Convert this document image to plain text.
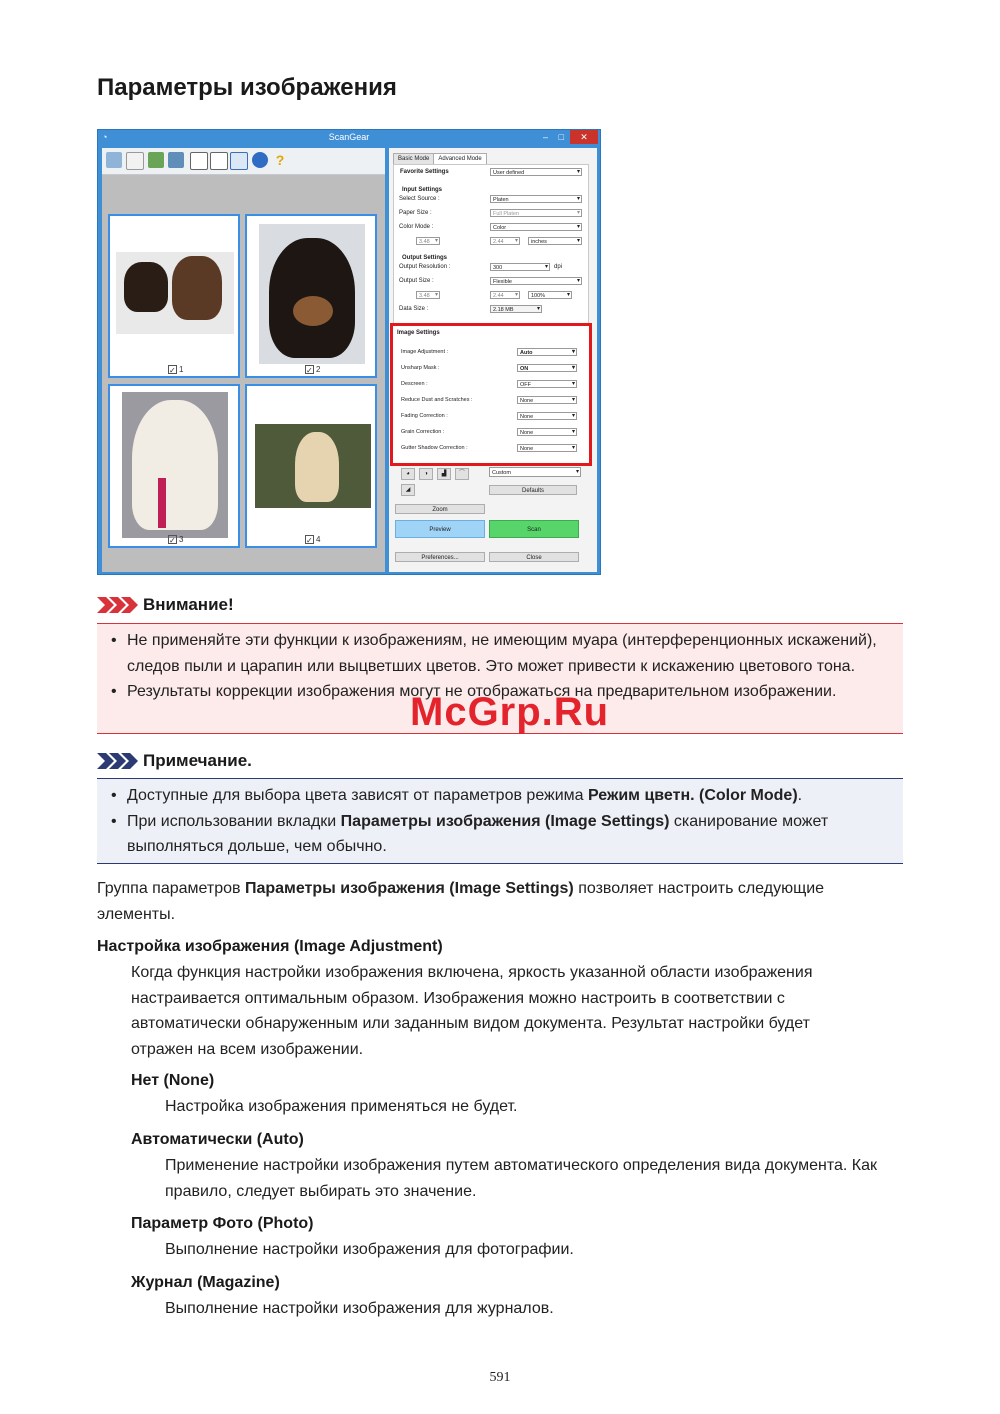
Параметры изображения
◔	ScanGear	– □	✕
?
✓ 1	✓ 2
✓ 3	✓ 4
Basic Mode Advanced Mode
Favorite Settings	User defined ▾
Input Settings
Select Source :	Platen ▾
Paper Size :	Full Platen ▾
Color Mode :	Color ▾
3.48 ▾	2.44 ▾	inches ▾
Output Settings
Output Resolution :	300 ▾	dpi
Output Size :	Flexible ▾
3.48 ▾	2.44 ▾	100% ▾
Data Size :	2.18 MB ▾
Image Settings
Image Adjustment :	Auto ▾
Unsharp Mask :	ON ▾
Descreen :	OFF ▾
Reduce Dust and Scratches :	None ▾
Fading Correction :	None ▾
Grain Correction :	None ▾
Gutter Shadow Correction :	None ▾
◕	◑	▟	⌒
◢
Custom ▾
Defaults
Zoom
Preview	Scan
Preferences...	Close
Внимание!
• Не применяйте эти функции к изображениям, не имеющим муара (интерференционных искажений), следов пыли и царапин или выцветших цветов. Это может привести к искажению цветового тона.
• Результаты коррекции изображения могут не отображаться на предварительном изображении.
Примечание.
• Доступные для выбора цвета зависят от параметров режима Режим цветн. (Color Mode).
• При использовании вкладки Параметры изображения (Image Settings) сканирование может выполняться дольше, чем обычно.
Группа параметров Параметры изображения (Image Settings) позволяет настроить следующие элементы.
Настройка изображения (Image Adjustment)
Когда функция настройки изображения включена, яркость указанной области изображения настраивается оптимальным образом. Изображения можно настроить в соответствии с автоматически обнаруженным или заданным видом документа. Результат настройки будет отражен на всем изображении.
Нет (None)
Настройка изображения применяться не будет.
Автоматически (Auto)
Применение настройки изображения путем автоматического определения вида документа. Как правило, следует выбирать это значение.
Параметр Фото (Photo)
Выполнение настройки изображения для фотографии.
Журнал (Magazine)
Выполнение настройки изображения для журналов.
McGrp.Ru
591
